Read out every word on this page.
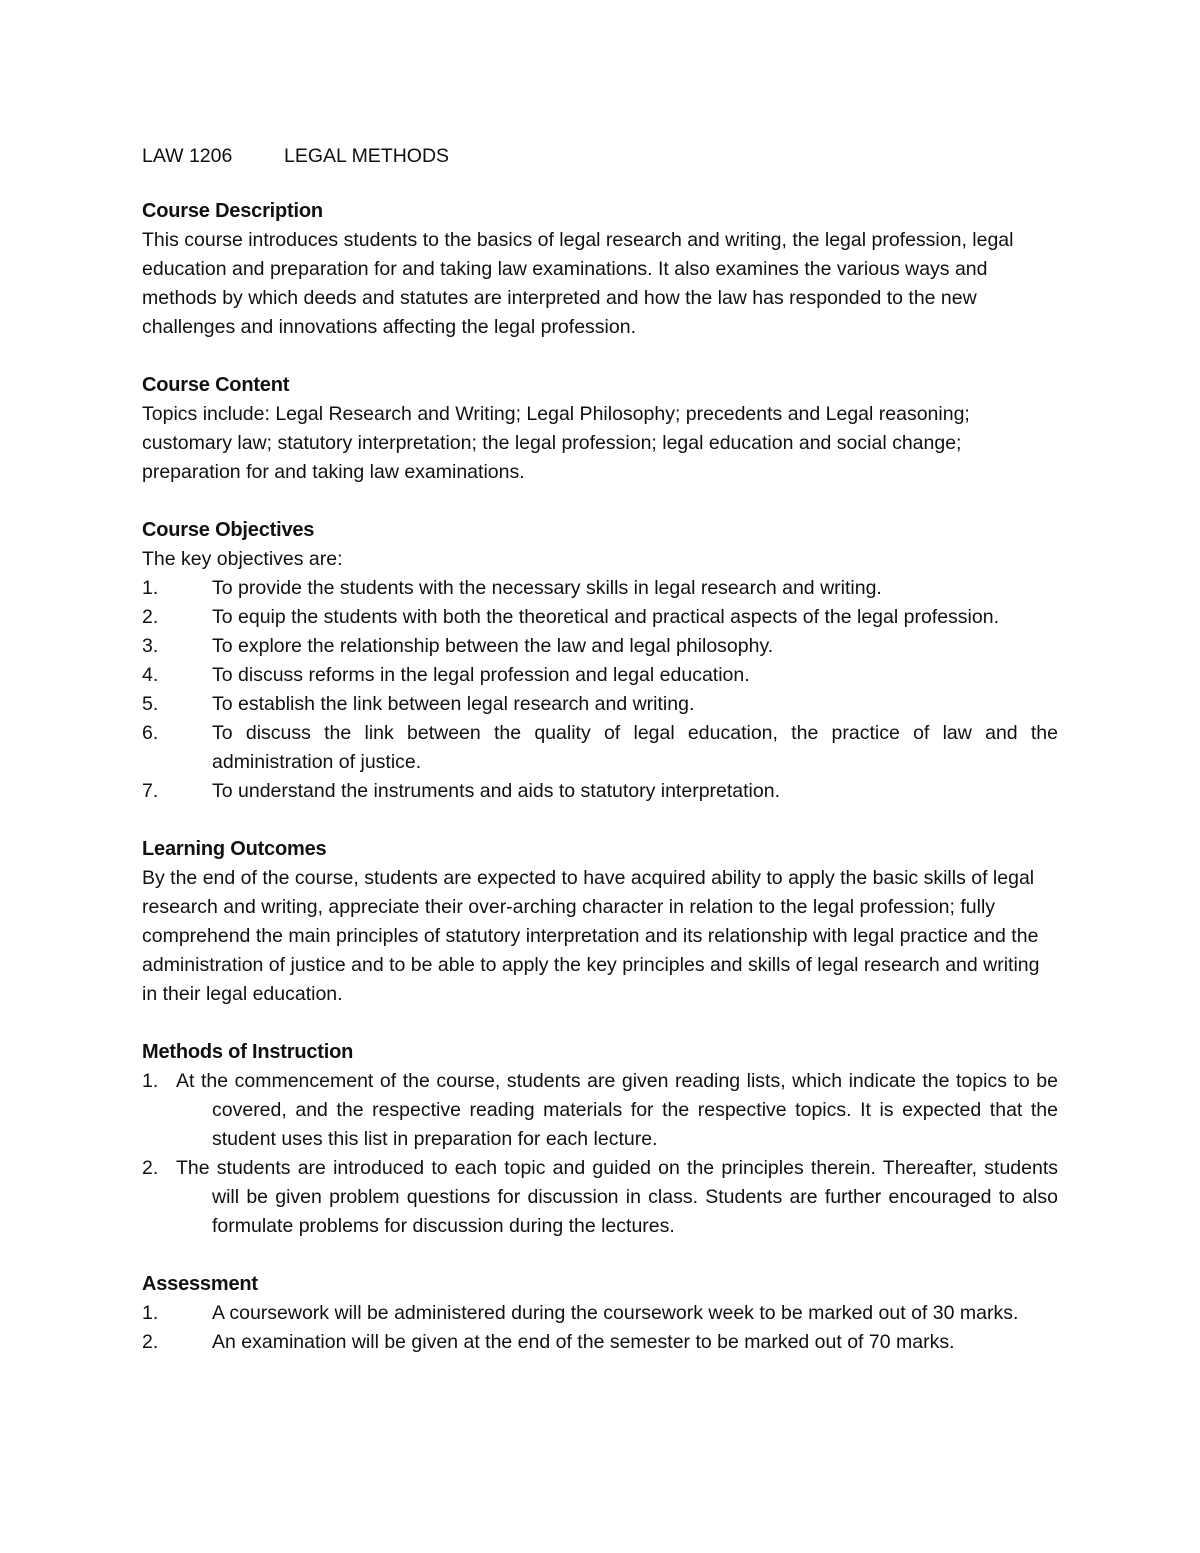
LAW 1206	LEGAL METHODS

Course Description

This course introduces students to the basics of legal research and writing, the legal profession, legal education and preparation for and taking law examinations. It also examines the various ways and methods by which deeds and statutes are interpreted and how the law has responded to the new challenges and innovations affecting the legal profession.

Course Content

Topics include: Legal Research and Writing; Legal Philosophy; precedents and Legal reasoning; customary law; statutory interpretation; the legal profession; legal education and social change; preparation for and taking law examinations.

Course Objectives

The key objectives are:

1.	To provide the students with the necessary skills in legal research and writing.
2.	To equip the students with both the theoretical and practical aspects of the legal profession.
3.	To explore the relationship between the law and legal philosophy.
4.	To discuss reforms in the legal profession and legal education.
5.	To establish the link between legal research and writing.
6.	To discuss the link between the quality of legal education, the practice of law and the administration of justice.
7.	To understand the instruments and aids to statutory interpretation.

Learning Outcomes

By the end of the course, students are expected to have acquired ability to apply the basic skills of legal research and writing, appreciate their over-arching character in relation to the legal profession; fully comprehend the main principles of statutory interpretation and its relationship with legal practice and the administration of justice and to be able to apply the key principles and skills of legal research and writing in their legal education.

Methods of Instruction

1. At the commencement of the course, students are given reading lists, which indicate the topics to be covered, and the respective reading materials for the respective topics. It is expected that the student uses this list in preparation for each lecture.
2. The students are introduced to each topic and guided on the principles therein. Thereafter, students will be given problem questions for discussion in class. Students are further encouraged to also formulate problems for discussion during the lectures.

Assessment

1.	A coursework will be administered during the coursework week to be marked out of 30 marks.
2.	An examination will be given at the end of the semester to be marked out of 70 marks.
